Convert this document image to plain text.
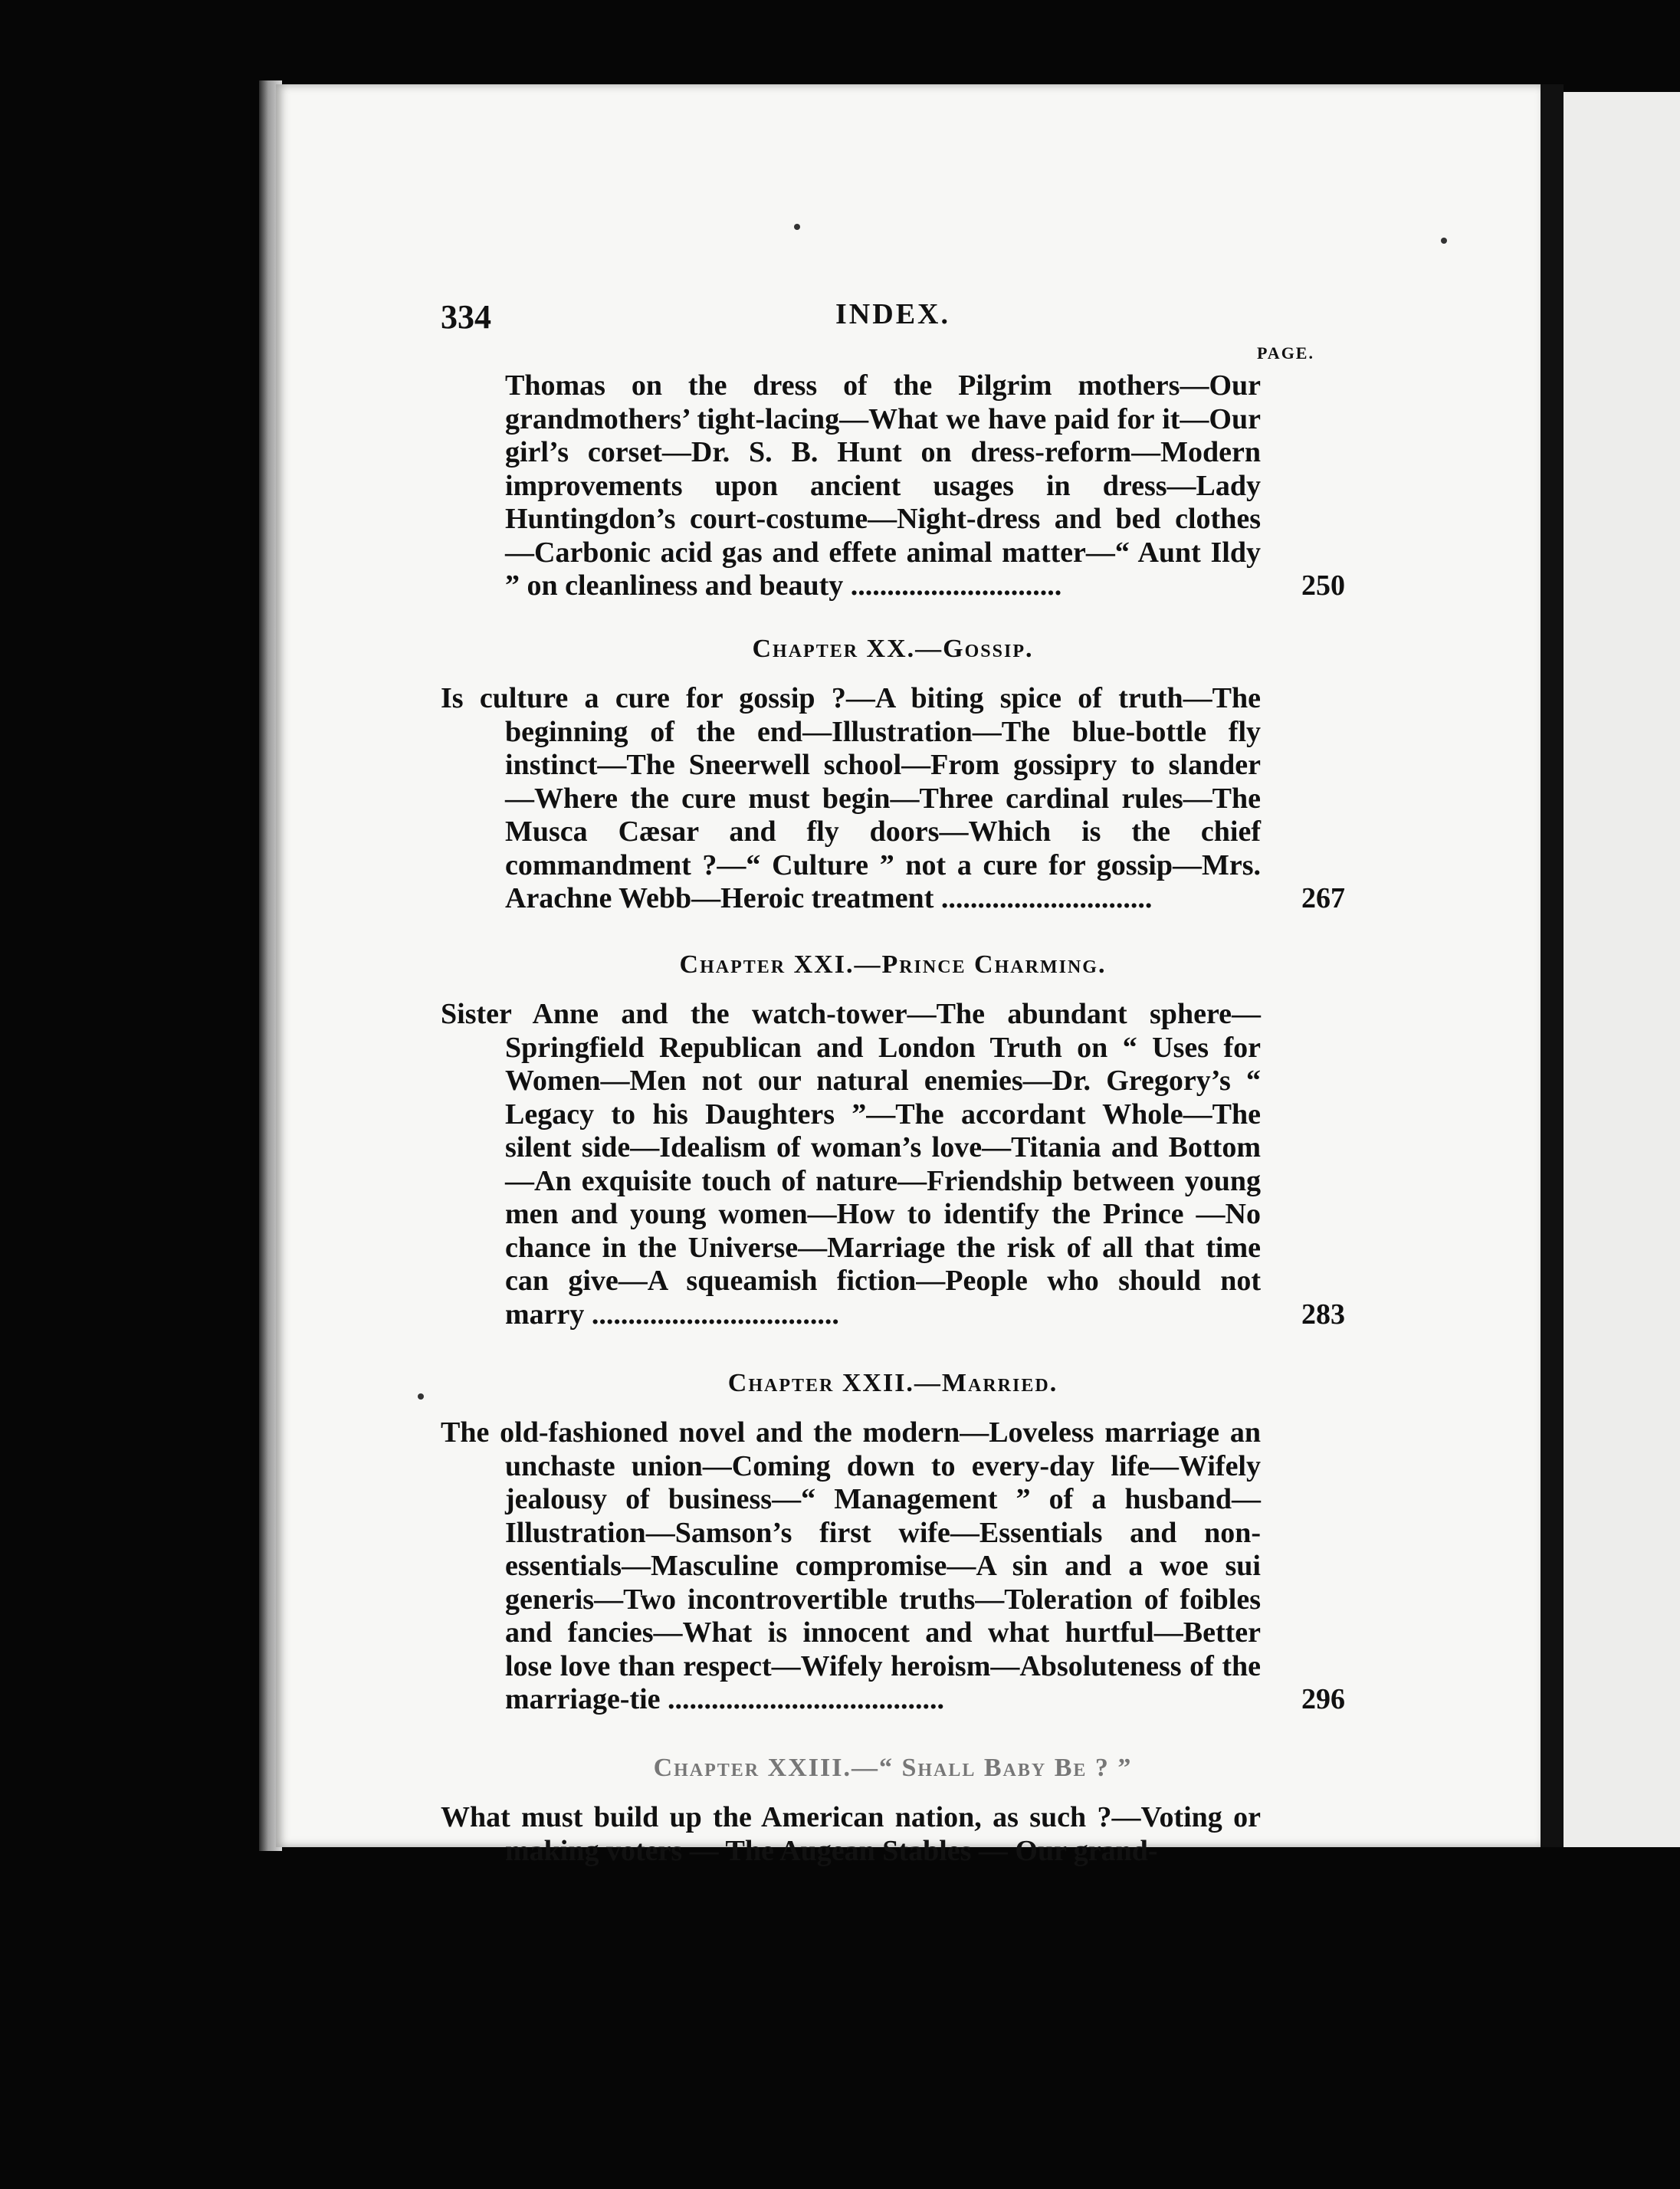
334	INDEX.
PAGE.
Thomas on the dress of the Pilgrim mothers—Our grandmothers’ tight-lacing—What we have paid for it—Our girl’s corset—Dr. S. B. Hunt on dress-reform—Modern improvements upon ancient usages in dress—Lady Huntingdon’s court-costume—Night-dress and bed clothes—Carbonic acid gas and effete animal matter—“ Aunt Ildy ” on cleanliness and beauty .............................	250
Chapter XX.—Gossip.
Is culture a cure for gossip ?—A biting spice of truth—The beginning of the end—Illustration—The blue-bottle fly instinct—The Sneerwell school—From gossipry to slander —Where the cure must begin—Three cardinal rules—The Musca Cæsar and fly doors—Which is the chief commandment ?—“ Culture ” not a cure for gossip—Mrs. Arachne Webb—Heroic treatment .............................	267
Chapter XXI.—Prince Charming.
Sister Anne and the watch-tower—The abundant sphere—Springfield Republican and London Truth on “ Uses for Women—Men not our natural enemies—Dr. Gregory’s “ Legacy to his Daughters ”—The accordant Whole—The silent side—Idealism of woman’s love—Titania and Bottom—An exquisite touch of nature—Friendship between young men and young women—How to identify the Prince —No chance in the Universe—Marriage the risk of all that time can give—A squeamish fiction—People who should not marry ..................................	283
Chapter XXII.—Married.
The old-fashioned novel and the modern—Loveless marriage an unchaste union—Coming down to every-day life—Wifely jealousy of business—“ Management ” of a husband—Illustration—Samson’s first wife—Essentials and non-essentials—Masculine compromise—A sin and a woe sui generis—Two incontrovertible truths—Toleration of foibles and fancies—What is innocent and what hurtful—Better lose love than respect—Wifely heroism—Absoluteness of the marriage-tie ......................................	296
Chapter XXIII.—“ Shall Baby Be ? ”
What must build up the American nation, as such ?—Voting or making voters — The Augean Stables — Our grand-
